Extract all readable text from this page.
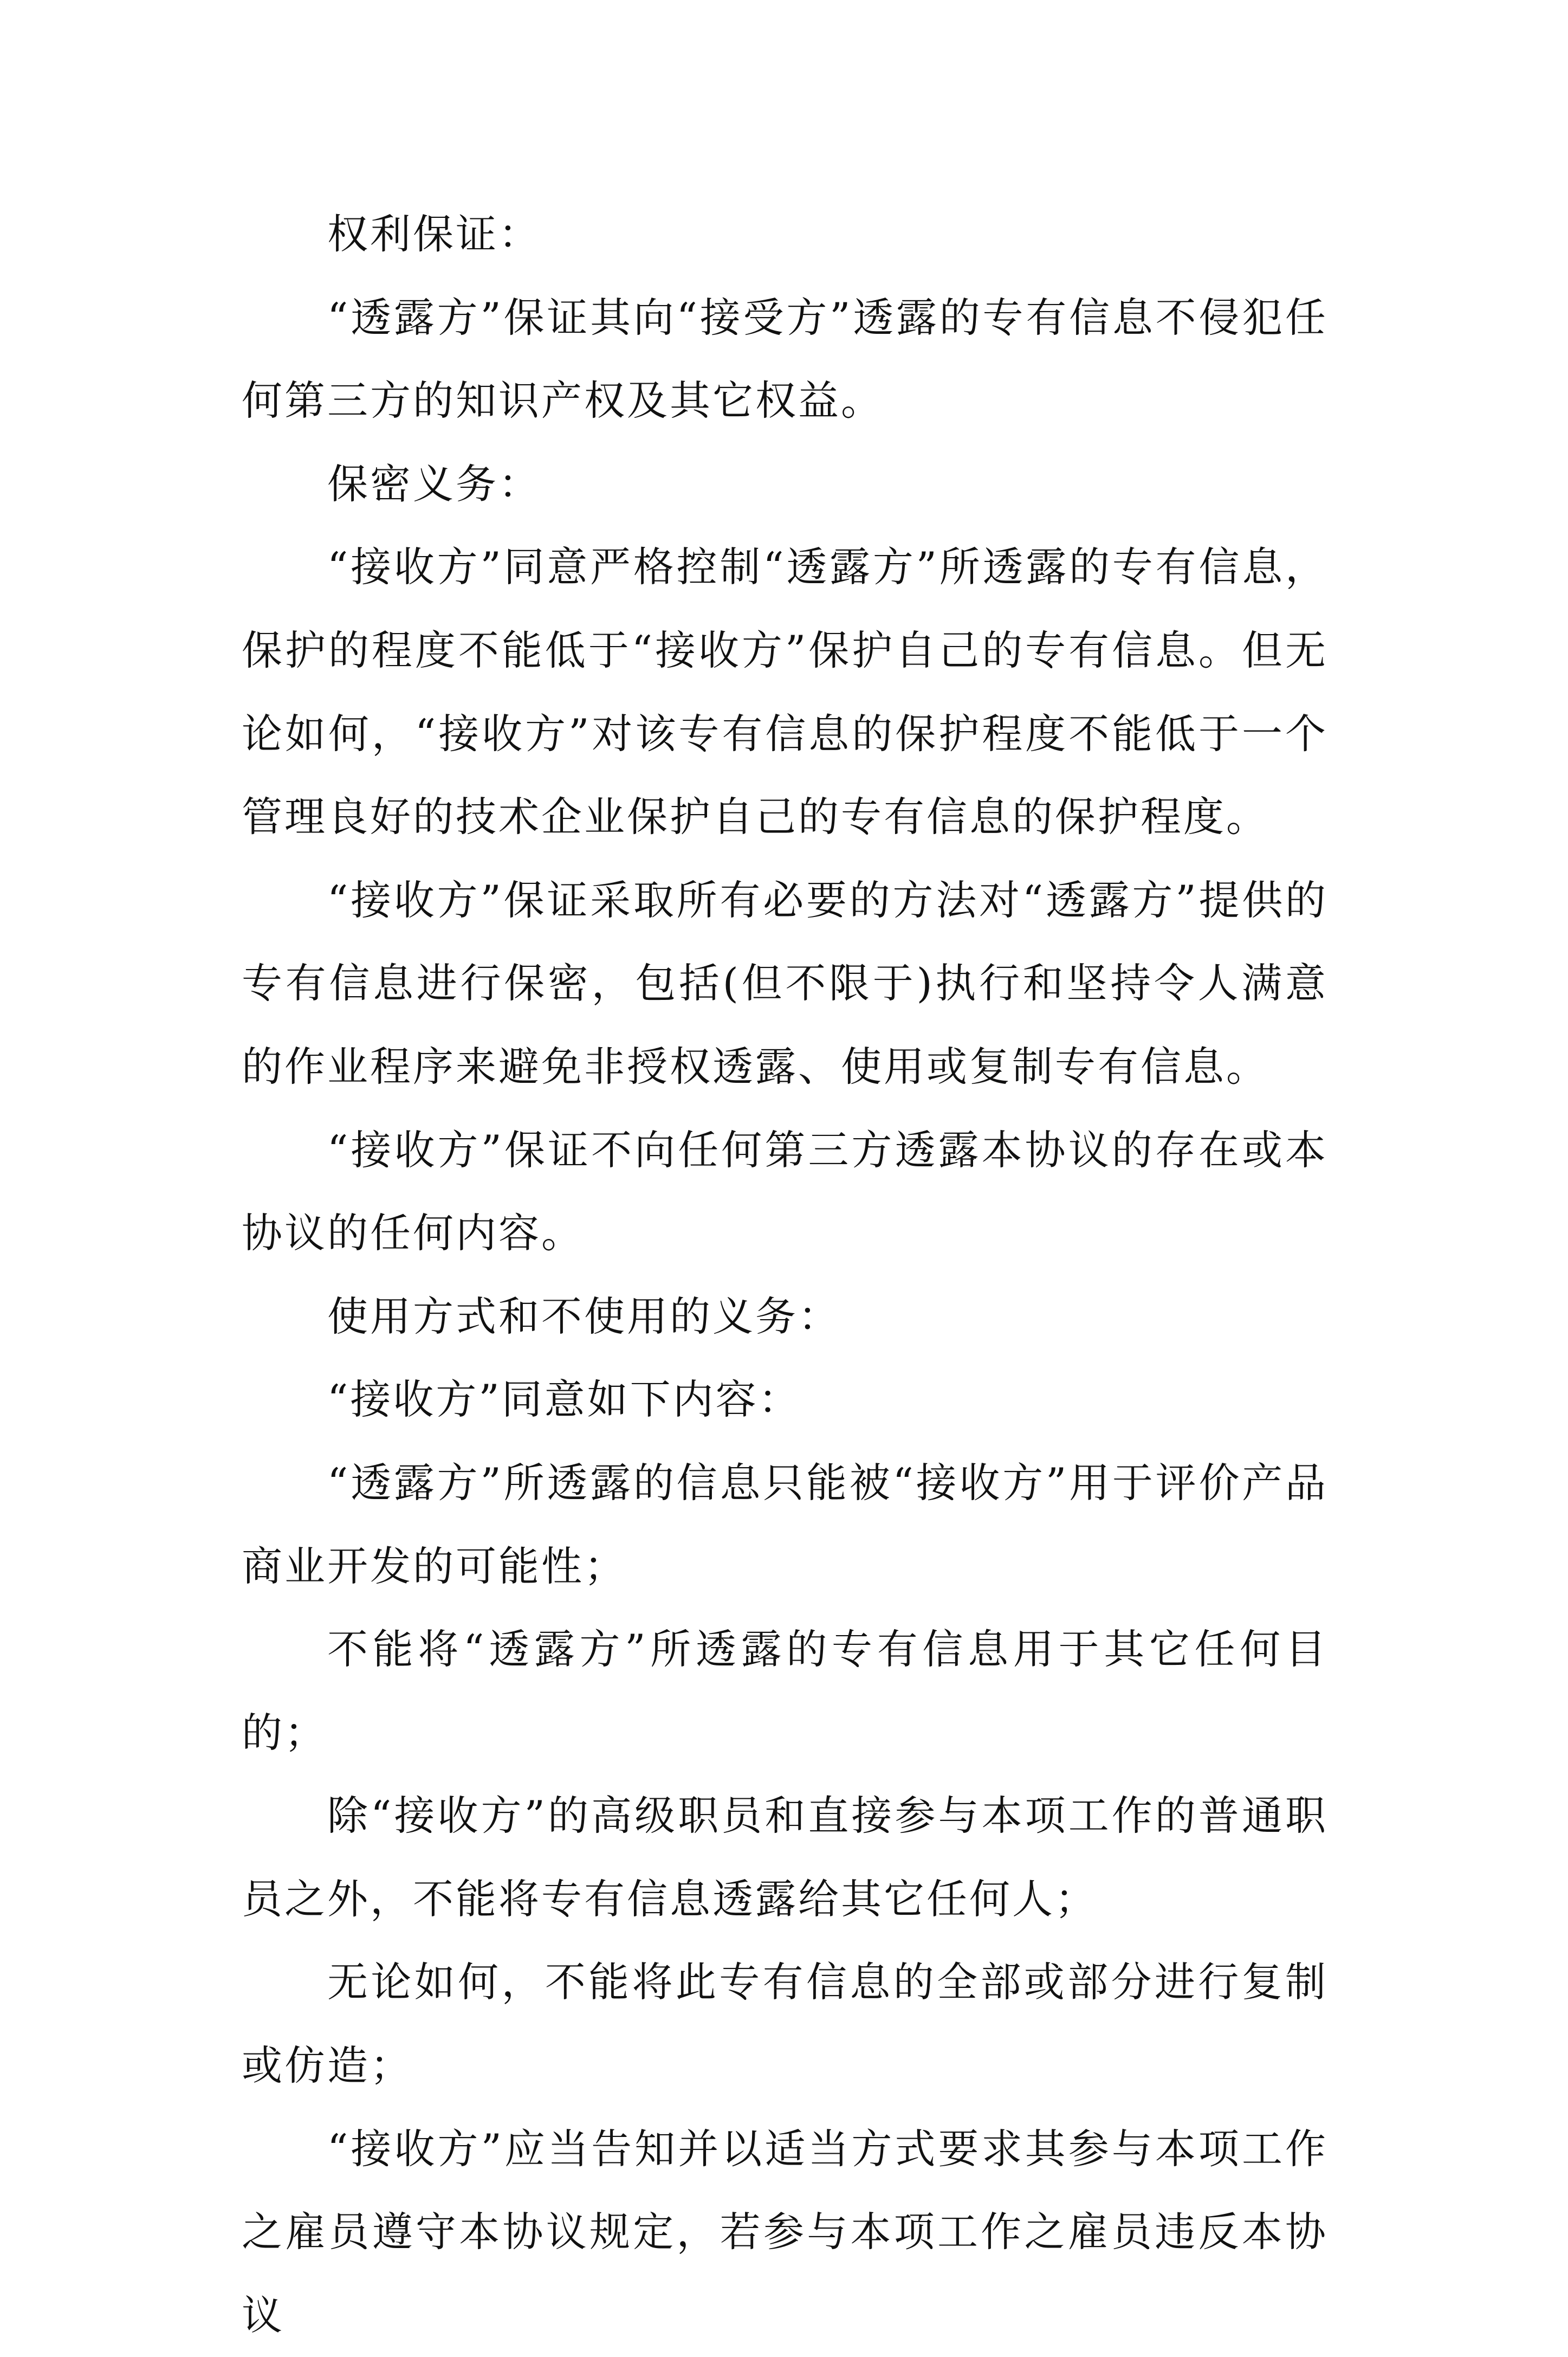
权利保证：

“透露方”保证其向“接受方”透露的专有信息不侵犯任何第三方的知识产权及其它权益。

保密义务：

“接收方”同意严格控制“透露方”所透露的专有信息，保护的程度不能低于“接收方”保护自己的专有信息。但无论如何，“接收方”对该专有信息的保护程度不能低于一个管理良好的技术企业保护自己的专有信息的保护程度。

“接收方”保证采取所有必要的方法对“透露方”提供的专有信息进行保密，包括(但不限于)执行和坚持令人满意的作业程序来避免非授权透露、使用或复制专有信息。

“接收方”保证不向任何第三方透露本协议的存在或本协议的任何内容。

使用方式和不使用的义务：

“接收方”同意如下内容：

“透露方”所透露的信息只能被“接收方”用于评价产品商业开发的可能性；

不能将“透露方”所透露的专有信息用于其它任何目的；

除“接收方”的高级职员和直接参与本项工作的普通职员之外，不能将专有信息透露给其它任何人；

无论如何，不能将此专有信息的全部或部分进行复制或仿造；

“接收方”应当告知并以适当方式要求其参与本项工作之雇员遵守本协议规定，若参与本项工作之雇员违反本协议
